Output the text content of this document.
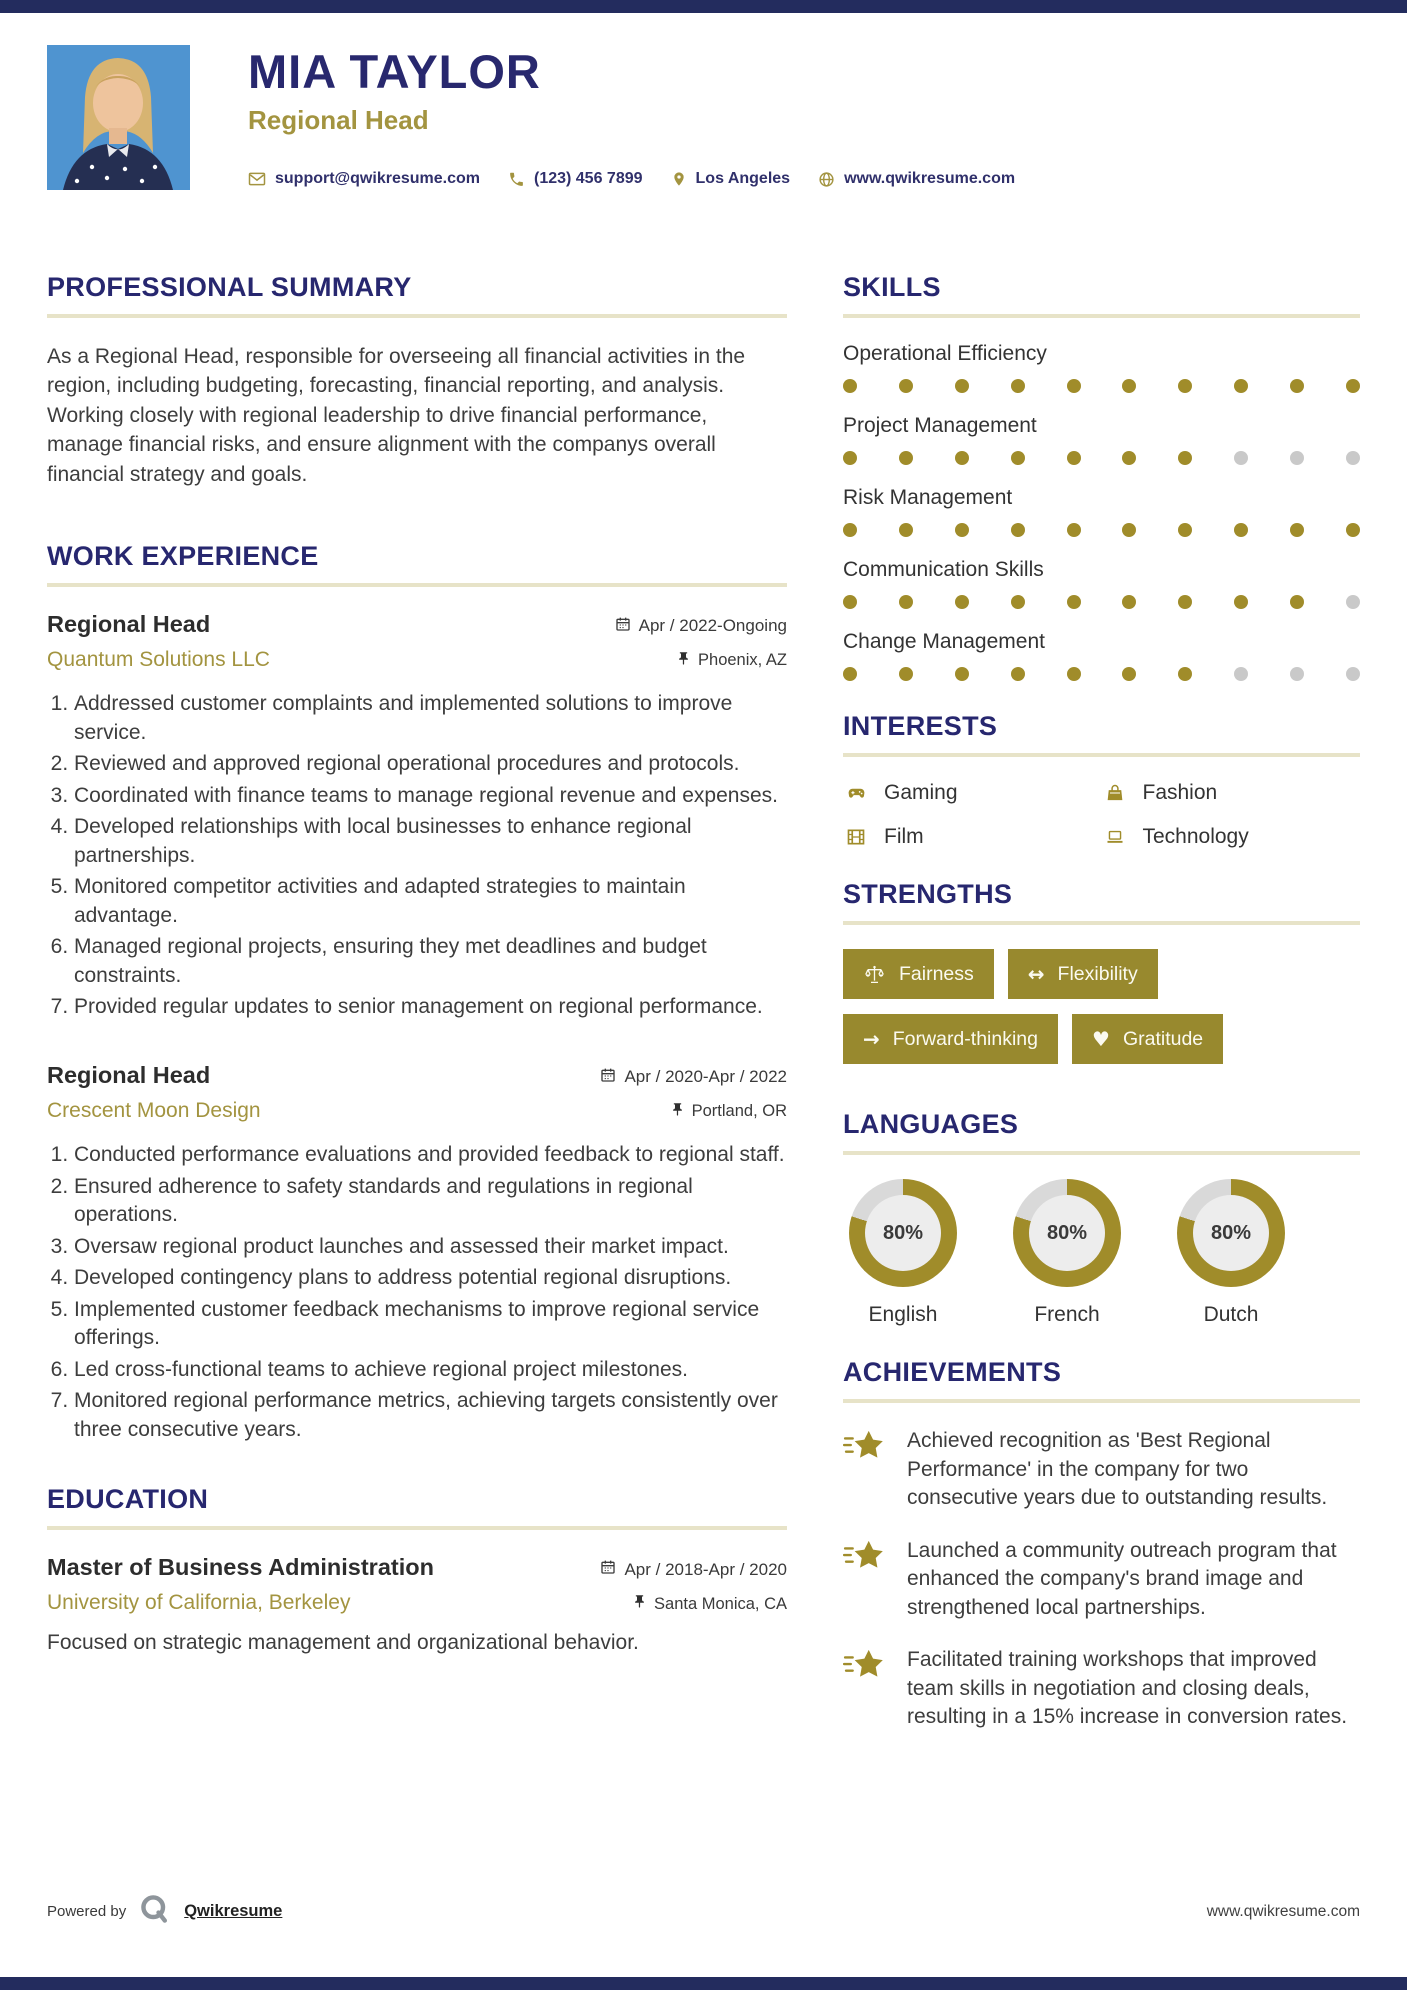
MIA TAYLOR
Regional Head
support@qwikresume.com	(123) 456 7899	Los Angeles	www.qwikresume.com
PROFESSIONAL SUMMARY

As a Regional Head, responsible for overseeing all financial activities in the region, including budgeting, forecasting, financial reporting, and analysis. Working closely with regional leadership to drive financial performance, manage financial risks, and ensure alignment with the companys overall financial strategy and goals.

WORK EXPERIENCE
Regional Head	Apr / 2022-Ongoing
Quantum Solutions LLC	Phoenix, AZ
1. Addressed customer complaints and implemented solutions to improve service.
2. Reviewed and approved regional operational procedures and protocols.
3. Coordinated with finance teams to manage regional revenue and expenses.
4. Developed relationships with local businesses to enhance regional partnerships.
5. Monitored competitor activities and adapted strategies to maintain advantage.
6. Managed regional projects, ensuring they met deadlines and budget constraints.
7. Provided regular updates to senior management on regional performance.
Regional Head	Apr / 2020-Apr / 2022
Crescent Moon Design	Portland, OR
1. Conducted performance evaluations and provided feedback to regional staff.
2. Ensured adherence to safety standards and regulations in regional operations.
3. Oversaw regional product launches and assessed their market impact.
4. Developed contingency plans to address potential regional disruptions.
5. Implemented customer feedback mechanisms to improve regional service offerings.
6. Led cross-functional teams to achieve regional project milestones.
7. Monitored regional performance metrics, achieving targets consistently over three consecutive years.
EDUCATION
Master of Business Administration	Apr / 2018-Apr / 2020
University of California, Berkeley	Santa Monica, CA

Focused on strategic management and organizational behavior.

SKILLS
Operational Efficiency
Project Management
Risk Management
Communication Skills
Change Management
INTERESTS
Gaming	Fashion
Film	Technology
STRENGTHS
Fairness	↔ Flexibility
→ Forward-thinking	♥ Gratitude
LANGUAGES
80%
English
80%
French
80%
Dutch
ACHIEVEMENTS
Achieved recognition as 'Best Regional Performance' in the company for two consecutive years due to outstanding results.
Launched a community outreach program that enhanced the company's brand image and strengthened local partnerships.
Facilitated training workshops that improved team skills in negotiation and closing deals, resulting in a 15% increase in conversion rates.
Powered by	Qwikresume	www.qwikresume.com
